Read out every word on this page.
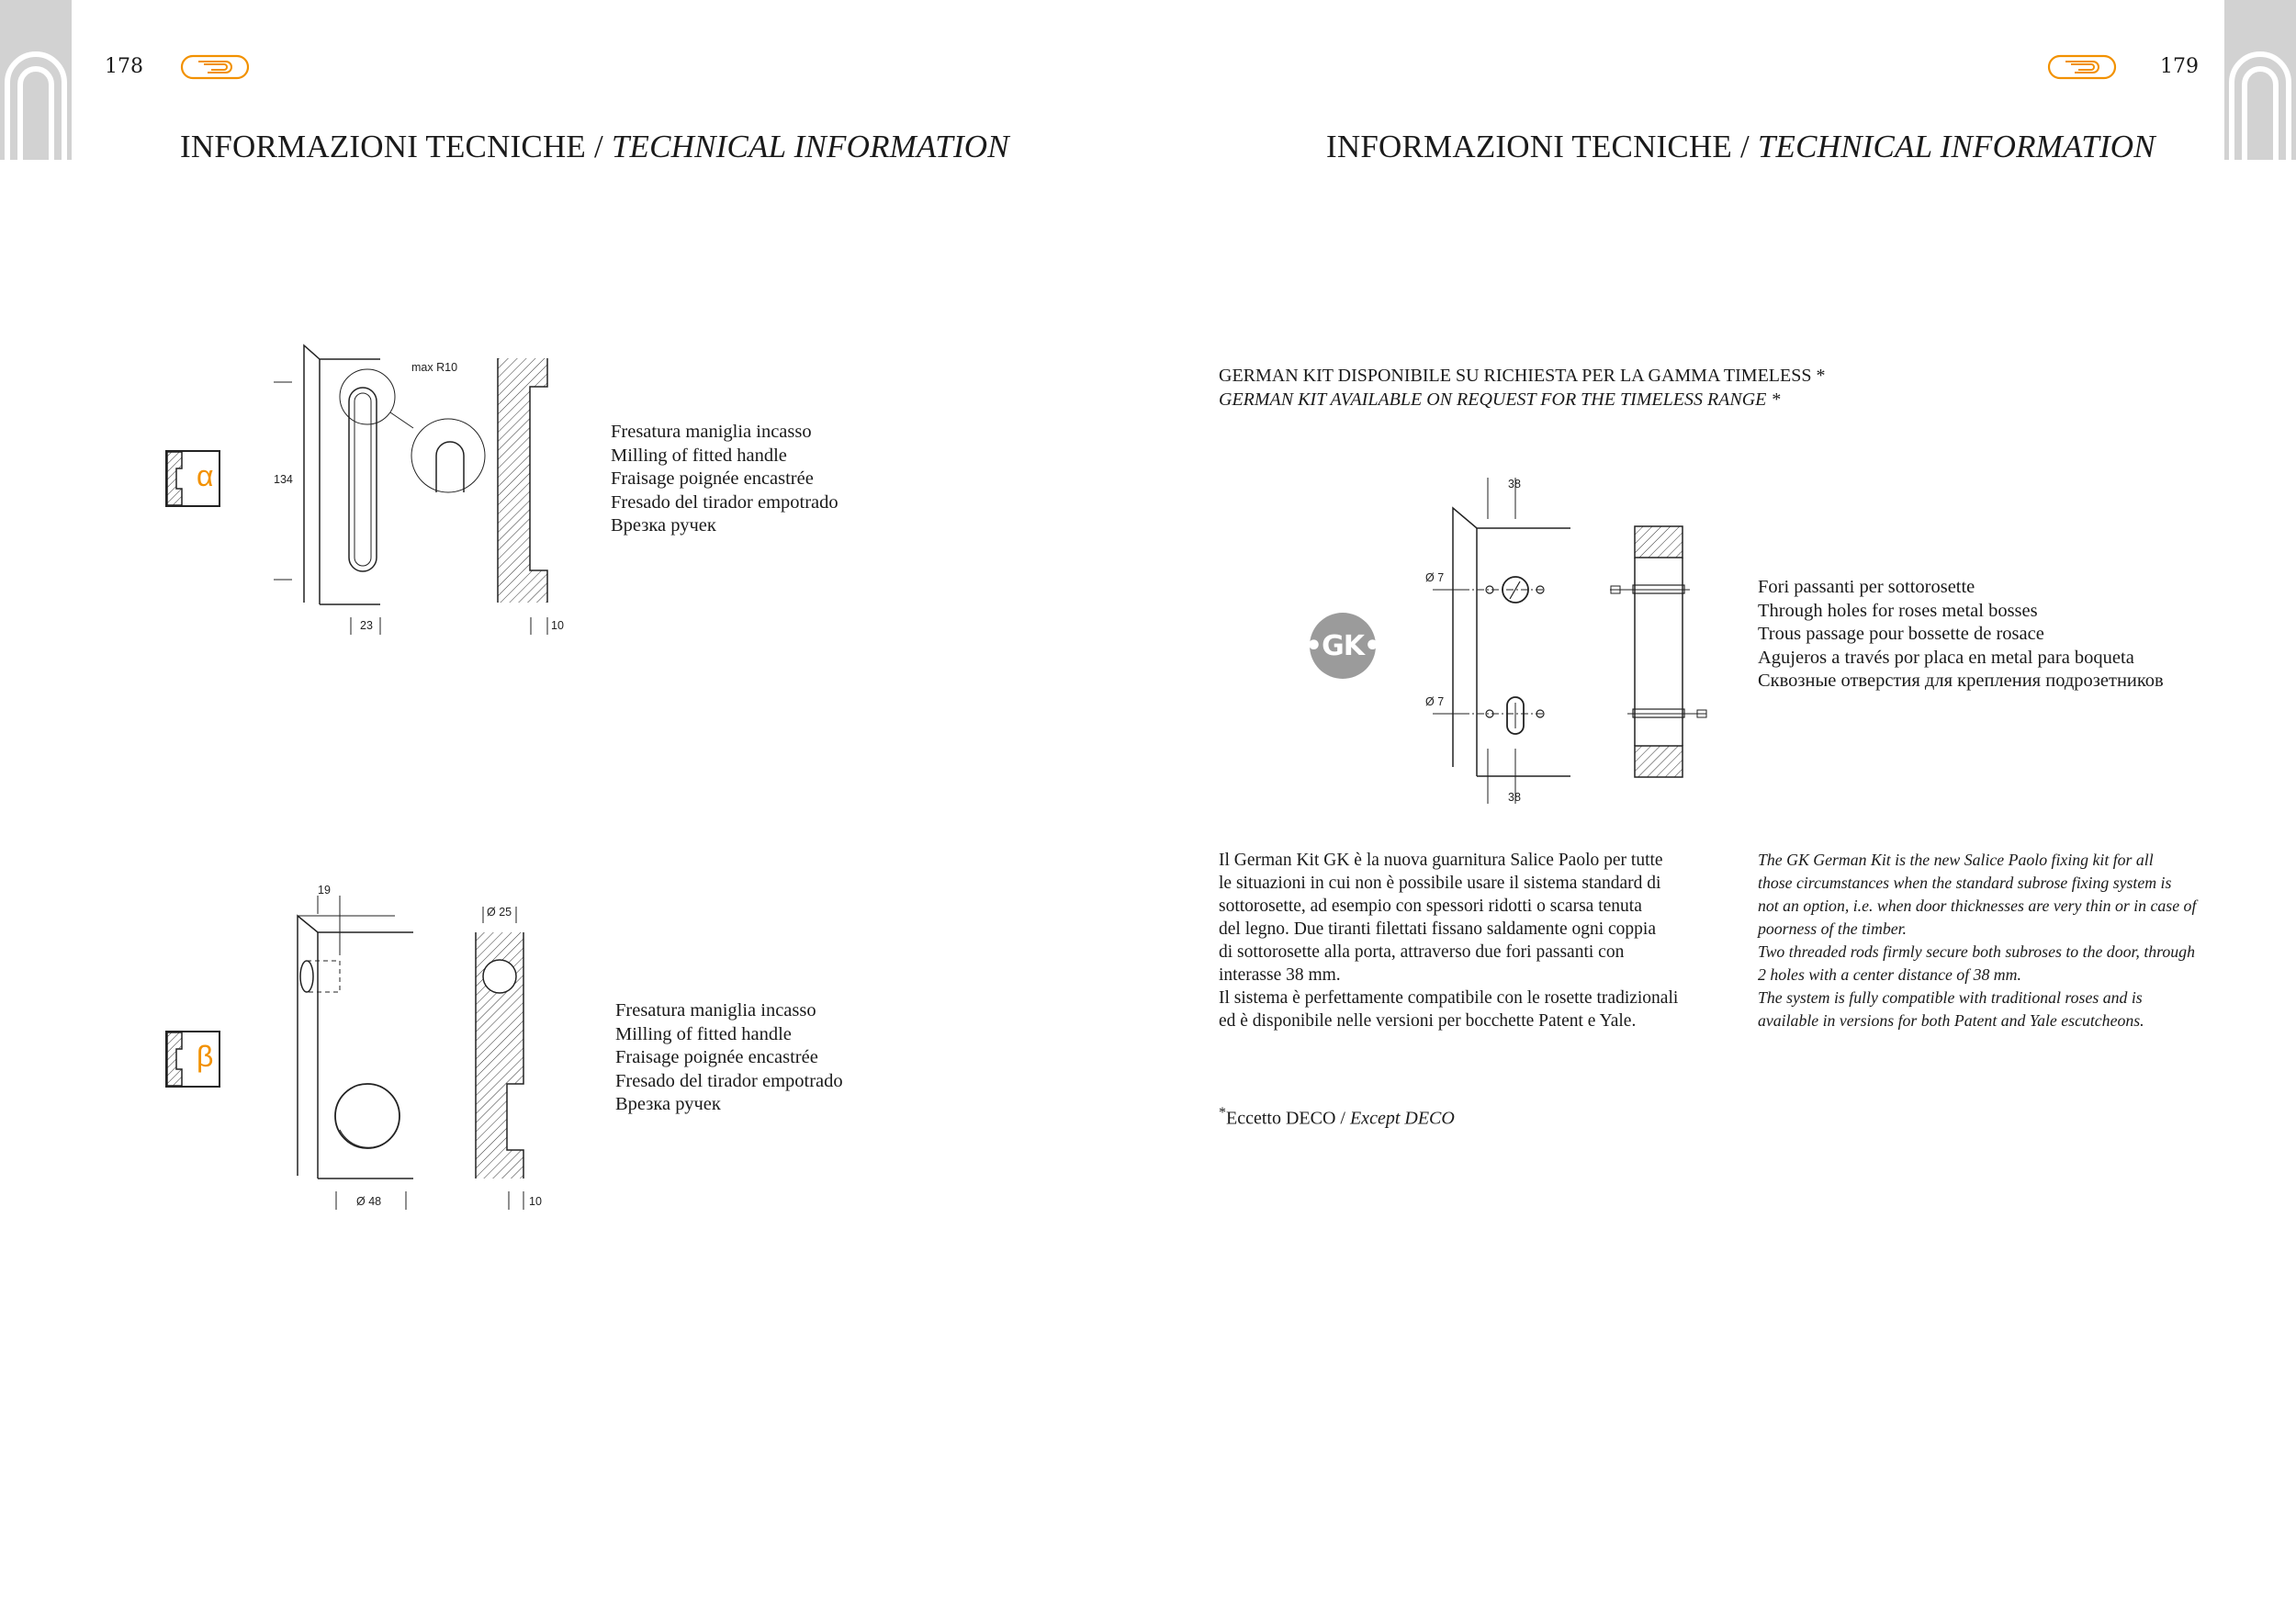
178	179
INFORMAZIONI TECNICHE / TECHNICAL INFORMATION	INFORMAZIONI TECNICHE / TECHNICAL INFORMATION
α
max R10
134
23	10
Fresatura maniglia incasso
Milling of fitted handle
Fraisage poignée encastrée
Fresado del tirador empotrado
Врезка ручек
β
19
Ø 25
Ø 48	10
Fresatura maniglia incasso
Milling of fitted handle
Fraisage poignée encastrée
Fresado del tirador empotrado
Врезка ручек
GERMAN KIT DISPONIBILE SU RICHIESTA PER LA GAMMA TIMELESS *
GERMAN KIT AVAILABLE ON REQUEST FOR THE TIMELESS RANGE *
•GK•
38
Ø 7
Ø 7
38
Fori passanti per sottorosette
Through holes for roses metal bosses
Trous passage pour bossette de rosace
Agujeros a través por placa en metal para boqueta
Сквозные отверстия для крепления подрозетников
Il German Kit GK è la nuova guarnitura Salice Paolo per tutte
le situazioni in cui non è possibile usare il sistema standard di
sottorosette, ad esempio con spessori ridotti o scarsa tenuta
del legno. Due tiranti filettati fissano saldamente ogni coppia
di sottorosette alla porta, attraverso due fori passanti con
interasse 38 mm.
Il sistema è perfettamente compatibile con le rosette tradizionali
ed è disponibile nelle versioni per bocchette Patent e Yale.
The GK German Kit is the new Salice Paolo fixing kit for all
those circumstances when the standard subrose fixing system is
not an option, i.e. when door thicknesses are very thin or in case of
poorness of the timber.
Two threaded rods firmly secure both subroses to the door, through
2 holes with a center distance of 38 mm.
The system is fully compatible with traditional roses and is
available in versions for both Patent and Yale escutcheons.
*Eccetto DECO / Except DECO
